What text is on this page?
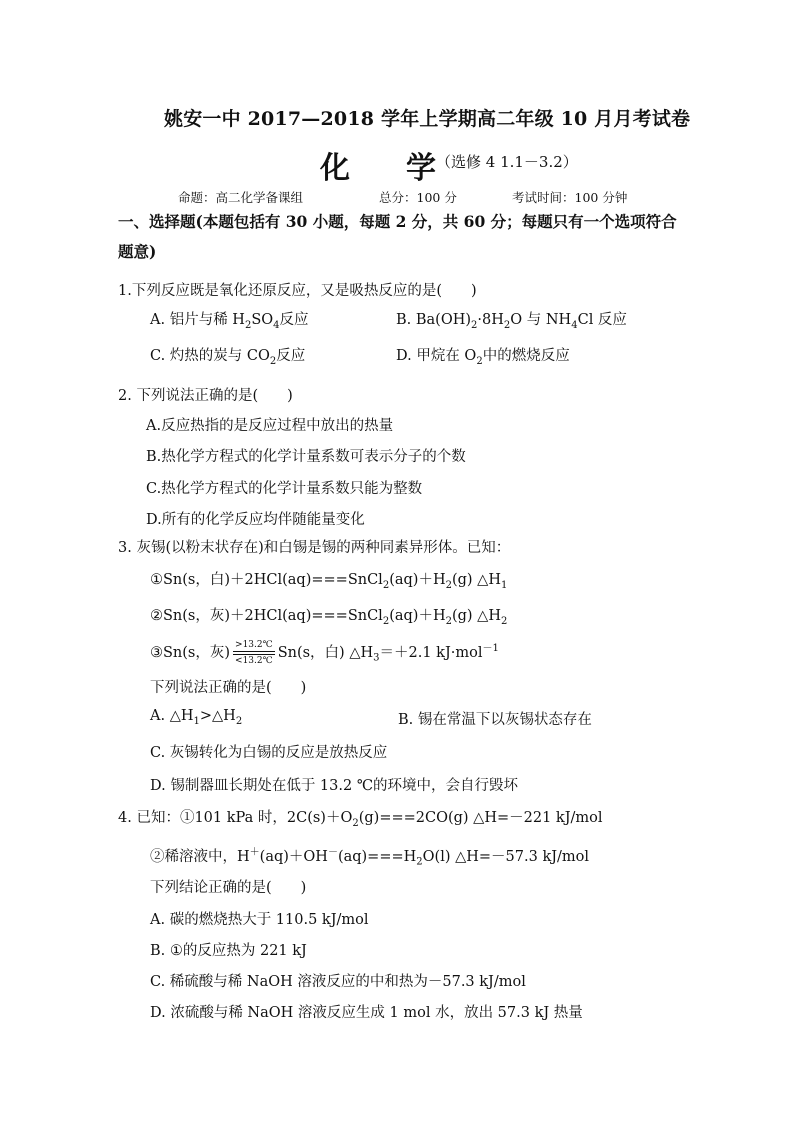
姚安一中 2017—2018 学年上学期高二年级 10 月月考试卷
化 学 （选修 4 1.1－3.2）
命题：高二化学备课组	总分：100 分	考试时间：100 分钟
一、选择题(本题包括有 30 小题，每题 2 分，共 60 分；每题只有一个选项符合
题意)
1.下列反应既是氧化还原反应，又是吸热反应的是(　　)
A. 铝片与稀 $H_2SO_4$反应	B. $Ba(OH)_2\cdot 8H_2O$ 与 $NH_4Cl$ 反应
C. 灼热的炭与 $CO_2$反应	D. 甲烷在 $O_2$中的燃烧反应
2. 下列说法正确的是(　　)
A.反应热指的是反应过程中放出的热量
B.热化学方程式的化学计量系数可表示分子的个数
C.热化学方程式的化学计量系数只能为整数
D.所有的化学反应均伴随能量变化
3. 灰锡(以粉末状存在)和白锡是锡的两种同素异形体。已知：
①Sn(s，白)$+2HCl(aq)===SnCl_2(aq)+H_2(g)$ $\triangle H_1$
②Sn(s，灰)$+2HCl(aq)===SnCl_2(aq)+H_2(g)$ $\triangle H_2$
③Sn(s，灰) >13.2℃
<13.2℃ Sn(s，白) $\triangle H_3=+2.1$ kJ·mol$^{-1}$
下列说法正确的是(　　)
A. $\triangle H_1>\triangle H_2$	B. 锡在常温下以灰锡状态存在
C. 灰锡转化为白锡的反应是放热反应
D. 锡制器皿长期处在低于 13.2 ℃的环境中，会自行毁坏
4. 已知：①101 kPa 时，$2C(s)+O_2(g)===2CO(g)$ △H=－221 kJ/mol
②稀溶液中，$H^+(aq)+OH^-(aq)===H_2O(l)$ △H=－57.3 kJ/mol
下列结论正确的是(　　)
A. 碳的燃烧热大于 110.5 kJ/mol
B. ①的反应热为 221 kJ
C. 稀硫酸与稀 NaOH 溶液反应的中和热为－57.3 kJ/mol
D. 浓硫酸与稀 NaOH 溶液反应生成 1 mol 水，放出 57.3 kJ 热量
